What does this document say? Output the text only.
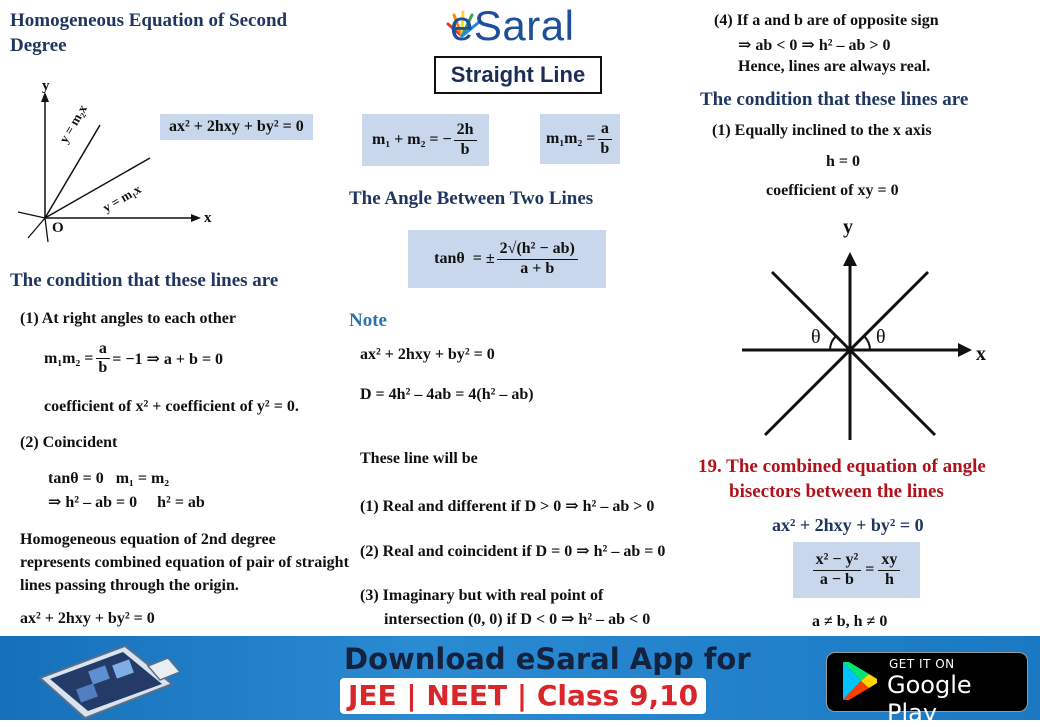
eSaral
Straight Line
Homogeneous Equation of Second Degree
y
x
O
y = m₂x
y = m₁x
ax² + 2hxy + by² = 0
The condition that these lines are
(1) At right angles to each other
$m_1m_2 = \frac{a}{b} = -1$ ⇒ a + b = 0
coefficient of x² + coefficient of y² = 0.
(2) Coincident
tanθ = 0   m₁ = m₂
⇒ h² – ab = 0     h² = ab
Homogeneous equation of 2nd degree represents combined equation of pair of straight lines passing through the origin.
ax² + 2hxy + by² = 0
m₁ + m₂ = − $\frac{2h}{b}$	$m_1m_2 = \frac{a}{b}$
The Angle Between Two Lines
tanθ  = ± $\frac{\text{2√(h² − ab)}}{a + b}$
Note
ax² + 2hxy + by² = 0
D = 4h² – 4ab = 4(h² – ab)
These line will be
(1) Real and different if D > 0 ⇒ h² – ab > 0
(2) Real and coincident if D = 0 ⇒ h² – ab = 0
(3) Imaginary but with real point of
intersection (0, 0) if D < 0 ⇒ h² – ab < 0
(4) If a and b are of opposite sign
⇒ ab < 0 ⇒ h² – ab > 0
Hence, lines are always real.
The condition that these lines are
(1) Equally inclined to the x axis
h = 0
coefficient of xy = 0
y
x
θ	θ
19. The combined equation of angle
bisectors between the lines
ax² + 2hxy + by² = 0
$\frac{\text{x² − y²}}{a - b} = \frac{xy}{h}$
a ≠ b, h ≠ 0
Download eSaral App for
JEE | NEET | Class 9,10
GET IT ON
Google Play
